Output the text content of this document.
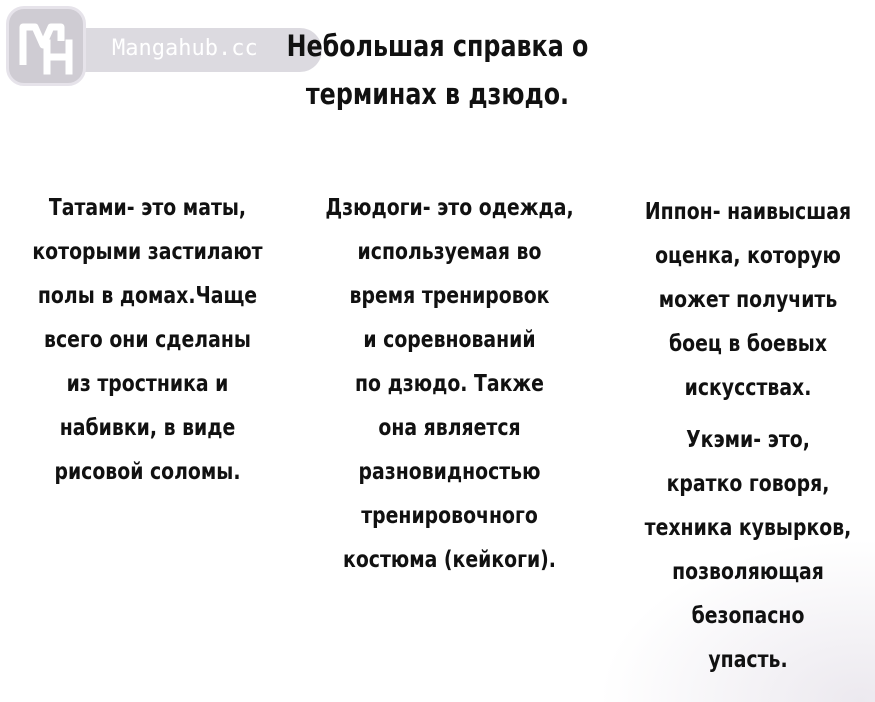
Mangahub.cc Небольшая справка о
терминах в дзюдо.
Татами- это маты,
которыми застилают
полы в домах.Чаще
всего они сделаны
из тростника и
набивки, в виде
рисовой соломы.
Дзюдоги- это одежда,
используемая во
время тренировок
и соревнований
по дзюдо. Также
она является
разновидностью
тренировочного
костюма (кейкоги).
Иппон- наивысшая
оценка, которую
может получить
боец в боевых
искусствах.
Укэми- это,
кратко говоря,
техника кувырков,
позволяющая
безопасно
упасть.
